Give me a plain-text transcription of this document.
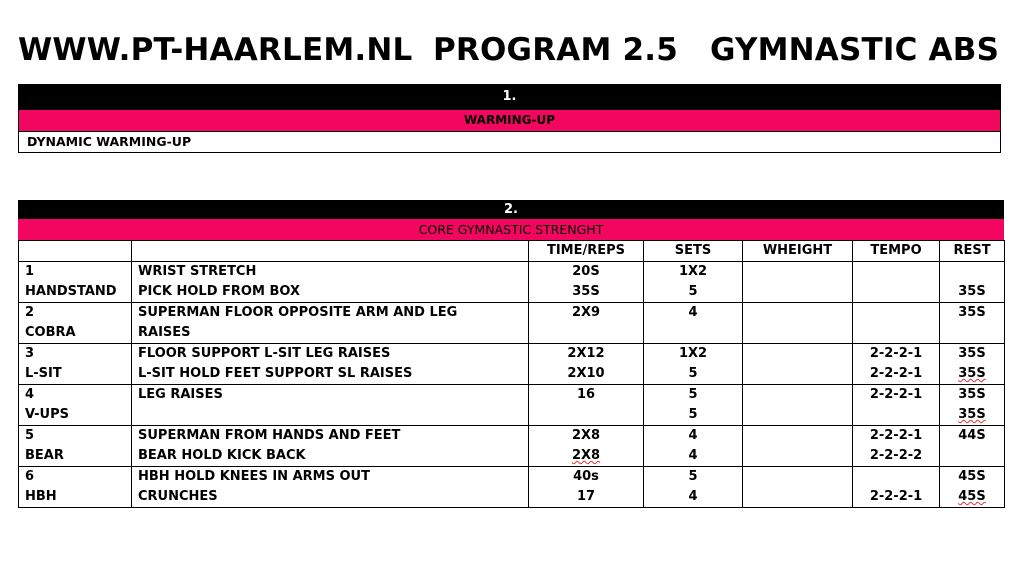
WWW.PT-HAARLEM.NL PROGRAM 2.5 GYMNASTIC ABS
1.
WARMING-UP
DYNAMIC WARMING-UP
2.
CORE GYMNASTIC STRENGHT
		TIME/REPS	SETS	WHEIGHT	TEMPO	REST
1	WRIST STRETCH	20S	1X2			
HANDSTAND	PICK HOLD FROM BOX	35S	5			35S
2	SUPERMAN FLOOR OPPOSITE ARM AND LEG	2X9	4			35S
COBRA	RAISES					
3	FLOOR SUPPORT L-SIT LEG RAISES	2X12	1X2		2-2-2-1	35S
L-SIT	L-SIT HOLD FEET SUPPORT SL RAISES	2X10	5		2-2-2-1	35S
4	LEG RAISES	16	5		2-2-2-1	35S
V-UPS			5			35S
5	SUPERMAN FROM HANDS AND FEET	2X8	4		2-2-2-1	44S
BEAR	BEAR HOLD KICK BACK	2X8	4		2-2-2-2	
6	HBH HOLD KNEES IN ARMS OUT	40s	5			45S
HBH	CRUNCHES	17	4		2-2-2-1	45S
